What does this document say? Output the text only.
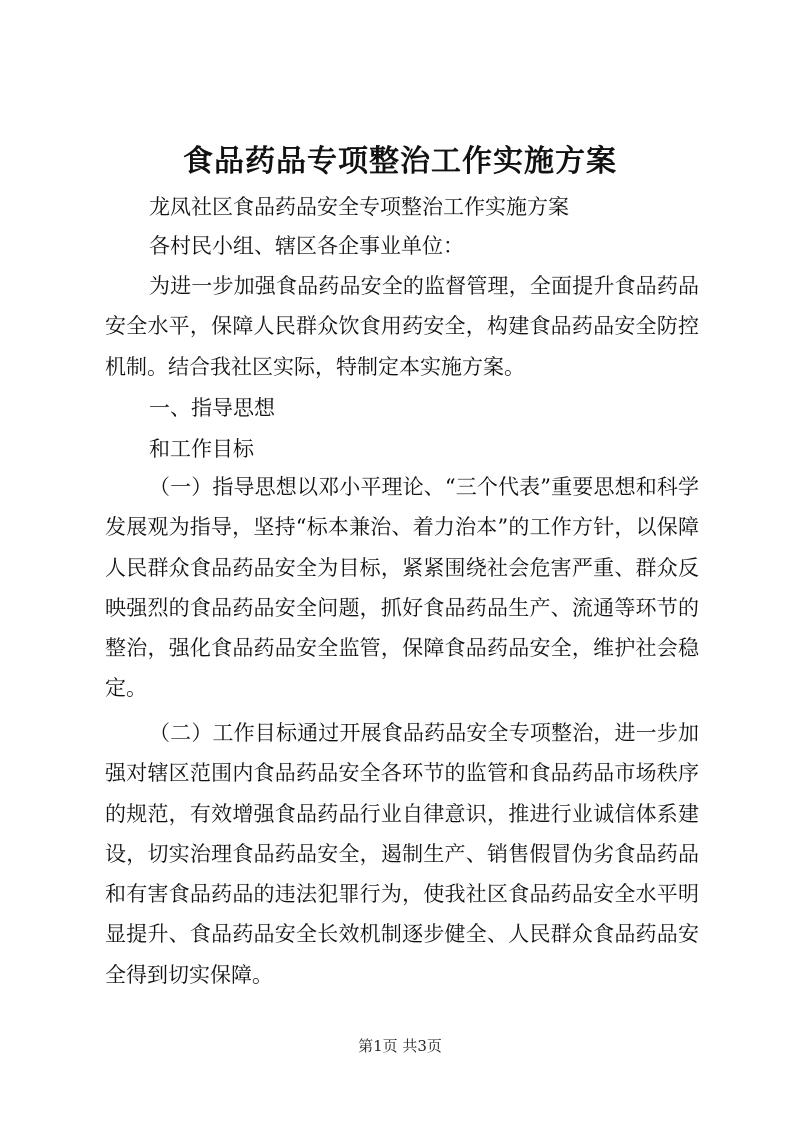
食品药品专项整治工作实施方案
龙凤社区食品药品安全专项整治工作实施方案
各村民小组、辖区各企事业单位：
为进一步加强食品药品安全的监督管理，全面提升食品药品安全水平，保障人民群众饮食用药安全，构建食品药品安全防控机制。结合我社区实际，特制定本实施方案。
一、指导思想
和工作目标
（一）指导思想以邓小平理论、“三个代表”重要思想和科学发展观为指导，坚持“标本兼治、着力治本”的工作方针，以保障人民群众食品药品安全为目标，紧紧围绕社会危害严重、群众反映强烈的食品药品安全问题，抓好食品药品生产、流通等环节的整治，强化食品药品安全监管，保障食品药品安全，维护社会稳定。
（二）工作目标通过开展食品药品安全专项整治，进一步加强对辖区范围内食品药品安全各环节的监管和食品药品市场秩序的规范，有效增强食品药品行业自律意识，推进行业诚信体系建设，切实治理食品药品安全，遏制生产、销售假冒伪劣食品药品和有害食品药品的违法犯罪行为，使我社区食品药品安全水平明显提升、食品药品安全长效机制逐步健全、人民群众食品药品安全得到切实保障。
第1页 共3页
